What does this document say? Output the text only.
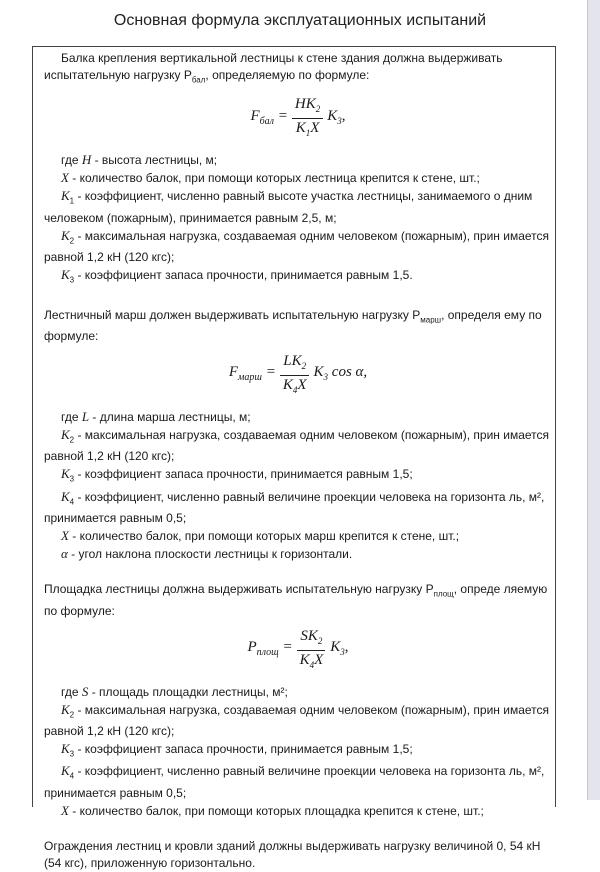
Основная формула эксплуатационных испытаний

Балка крепления вертикальной лестницы к стене здания должна выдерживать испытательную нагрузку $P_{бал}$, определяемую по формуле:

$F_{бал} = \frac{HK_2}{K_1X} K_3$,

где H - высота лестницы, м;

X - количество балок, при помощи которых лестница крепится к стене, шт.;

$K_1$ - коэффициент, численно равный высоте участка лестницы, занимаемого о дним человеком (пожарным), принимается равным 2,5, м;

$K_2$ - максимальная нагрузка, создаваемая одним человеком (пожарным), прин имается равной 1,2 кН (120 кгс);

$K_3$ - коэффициент запаса прочности, принимается равным 1,5.

Лестничный марш должен выдерживать испытательную нагрузку $P_{марш}$, определя ему по формуле:

$F_{марш} = \frac{LK_2}{K_4X} K_3$ cos α,

где L - длина марша лестницы, м;

$K_2$ - максимальная нагрузка, создаваемая одним человеком (пожарным), прин имается равной 1,2 кН (120 кгс);

$K_3$ - коэффициент запаса прочности, принимается равным 1,5;

$K_4$ - коэффициент, численно равный величине проекции человека на горизонта ль, м², принимается равным 0,5;

X - количество балок, при помощи которых марш крепится к стене, шт.;

α - угол наклона плоскости лестницы к горизонтали.

Площадка лестницы должна выдерживать испытательную нагрузку $P_{площ}$, опреде ляемую по формуле:

$P_{площ} = \frac{SK_2}{K_4X} K_3$,

где S - площадь площадки лестницы, м²;

$K_2$ - максимальная нагрузка, создаваемая одним человеком (пожарным), прин имается равной 1,2 кН (120 кгс);

$K_3$ - коэффициент запаса прочности, принимается равным 1,5;

$K_4$ - коэффициент, численно равный величине проекции человека на горизонта ль, м², принимается равным 0,5;

X - количество балок, при помощи которых площадка крепится к стене, шт.;

Ограждения лестниц и кровли зданий должны выдерживать нагрузку величиной 0, 54 кН (54 кгс), приложенную горизонтально.
